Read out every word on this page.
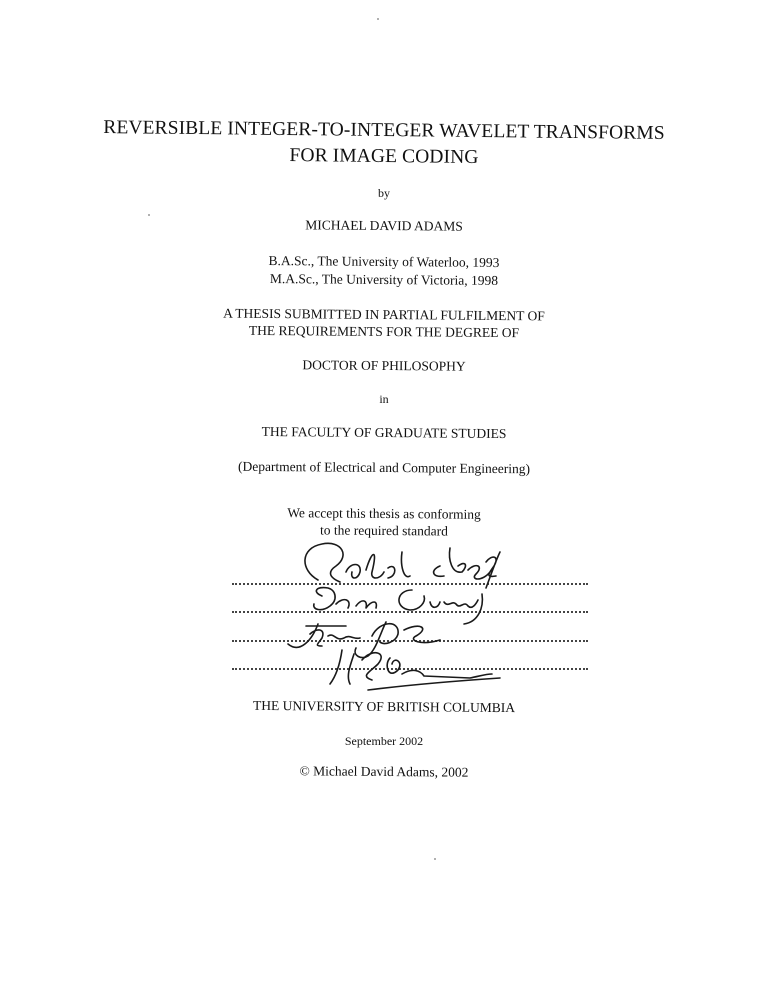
REVERSIBLE INTEGER-TO-INTEGER WAVELET TRANSFORMS
FOR IMAGE CODING
by
MICHAEL DAVID ADAMS
B.A.Sc., The University of Waterloo, 1993
M.A.Sc., The University of Victoria, 1998
A THESIS SUBMITTED IN PARTIAL FULFILMENT OF
THE REQUIREMENTS FOR THE DEGREE OF
DOCTOR OF PHILOSOPHY
in
THE FACULTY OF GRADUATE STUDIES
(Department of Electrical and Computer Engineering)
We accept this thesis as conforming
to the required standard
THE UNIVERSITY OF BRITISH COLUMBIA
September 2002
© Michael David Adams, 2002
